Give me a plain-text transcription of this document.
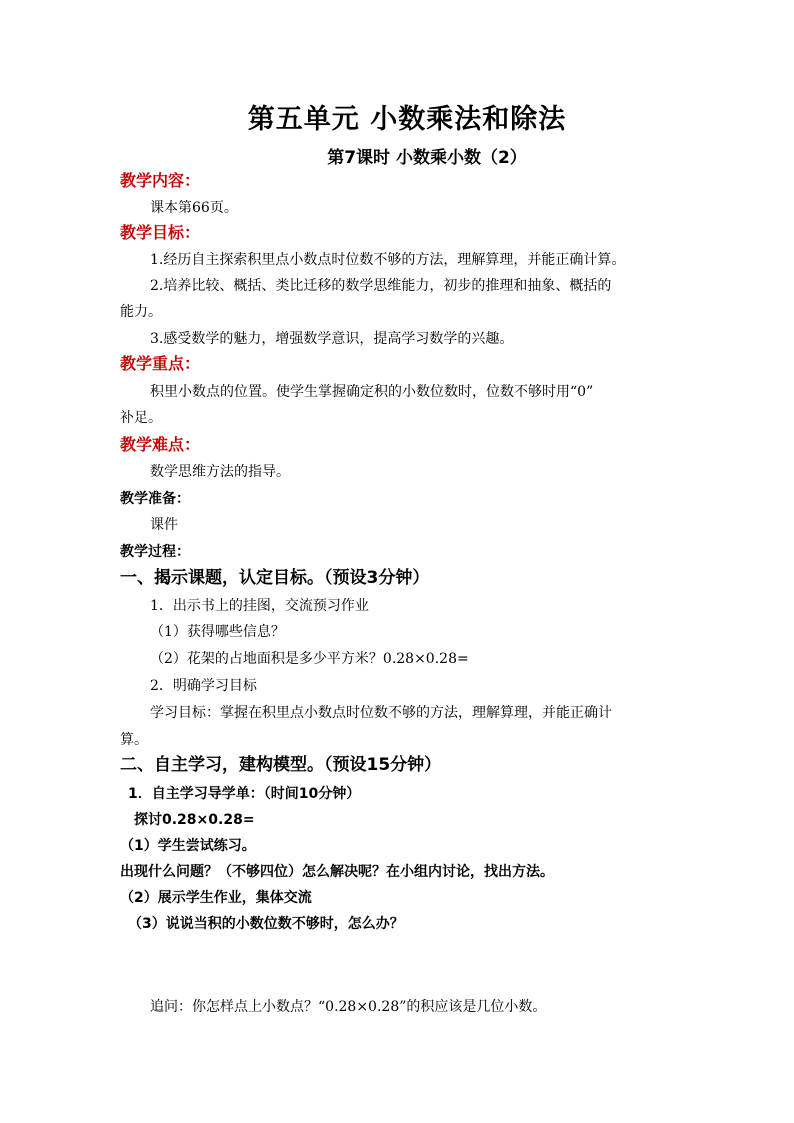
第五单元 小数乘法和除法
第7课时 小数乘小数（2）
教学内容：
课本第66页。
教学目标：
1.经历自主探索积里点小数点时位数不够的方法，理解算理，并能正确计算。
2.培养比较、概括、类比迁移的数学思维能力，初步的推理和抽象、概括的
能力。
3.感受数学的魅力，增强数学意识，提高学习数学的兴趣。
教学重点：
积里小数点的位置。使学生掌握确定积的小数位数时，位数不够时用“0”
补足。
教学难点：
数学思维方法的指导。
教学准备：
课件
教学过程：
一、揭示课题，认定目标。（预设3分钟）
1．出示书上的挂图，交流预习作业
（1）获得哪些信息？
（2）花架的占地面积是多少平方米？0.28×0.28=
2．明确学习目标
学习目标：掌握在积里点小数点时位数不够的方法，理解算理，并能正确计
算。
二、自主学习，建构模型。（预设15分钟）
1．自主学习导学单：（时间10分钟）
探讨0.28×0.28=
（1）学生尝试练习。
出现什么问题？（不够四位）怎么解决呢？在小组内讨论，找出方法。
（2）展示学生作业，集体交流
（3）说说当积的小数位数不够时，怎么办？
追问：你怎样点上小数点？“0.28×0.28”的积应该是几位小数。
